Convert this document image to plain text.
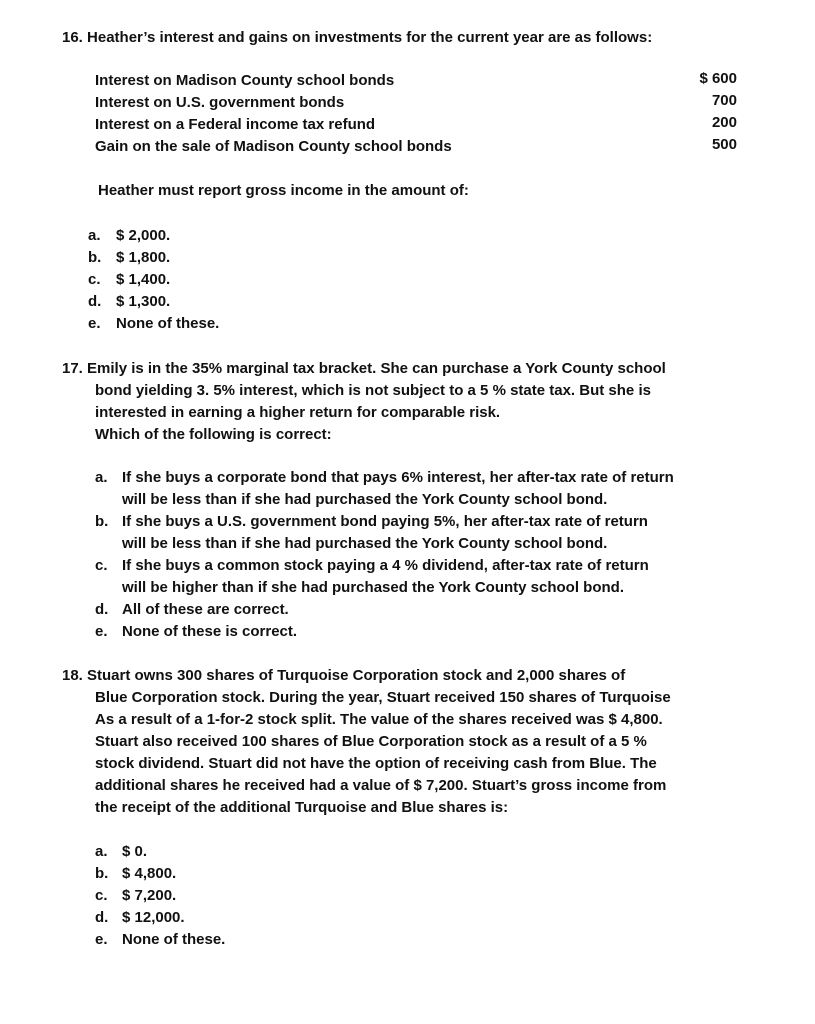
16. Heather’s interest and gains on investments for the current year are as follows:
Interest on Madison County school bonds	$ 600
Interest on U.S. government bonds	700
Interest on a Federal income tax refund	200
Gain on the sale of Madison County school bonds	500
Heather must report gross income in the amount of:
a. $ 2,000.
b. $ 1,800.
c. $ 1,400.
d. $ 1,300.
e. None of these.
17. Emily is in the 35% marginal tax bracket. She can purchase a York County school
bond yielding 3. 5% interest, which is not subject to a 5 % state tax. But she is
interested in earning a higher return for comparable risk.
Which of the following is correct:
a. If she buys a corporate bond that pays 6% interest, her after-tax rate of return
will be less than if she had purchased the York County school bond.
b. If she buys a U.S. government bond paying 5%, her after-tax rate of return
will be less than if she had purchased the York County school bond.
c. If she buys a common stock paying a 4 % dividend, after-tax rate of return
will be higher than if she had purchased the York County school bond.
d. All of these are correct.
e. None of these is correct.
18. Stuart owns 300 shares of Turquoise Corporation stock and 2,000 shares of
Blue Corporation stock. During the year, Stuart received 150 shares of Turquoise
As a result of a 1-for-2 stock split. The value of the shares received was $ 4,800.
Stuart also received 100 shares of Blue Corporation stock as a result of a 5 %
stock dividend. Stuart did not have the option of receiving cash from Blue. The
additional shares he received had a value of $ 7,200. Stuart’s gross income from
the receipt of the additional Turquoise and Blue shares is:
a. $ 0.
b. $ 4,800.
c. $ 7,200.
d. $ 12,000.
e. None of these.
